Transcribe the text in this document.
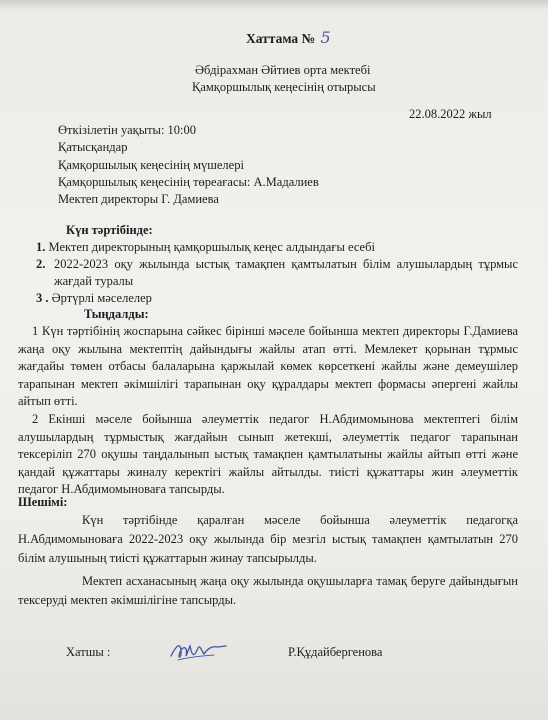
Хаттама № 5
Әбдірахман Әйтиев орта мектебі
Қамқоршылық кеңесінің отырысы
22.08.2022 жыл
Өткізілетін уақыты: 10:00
Қатысқандар
Қамқоршылық кеңесінің мүшелері
Қамқоршылық кеңесінің төреағасы: А.Мадалиев
Мектеп директоры Г. Дамиева
Күн тәртібінде:
1. Мектеп директорының қамқоршылық кеңес алдындағы есебі
2. 2022-2023 оқу жылында ыстық тамақпен қамтылатын білім алушылардың тұрмыс жағдай туралы
3 . Әртүрлі мәселелер
Тыңдалды:
1 Күн тәртібінің жоспарына сәйкес бірінші мәселе бойынша мектеп директоры Г.Дамиева жаңа оқу жылына мектептің дайындығы жайлы атап өтті. Мемлекет қорынан тұрмыс жағдайы төмен отбасы балаларына қаржылай көмек көрсеткені жайлы және демеушілер тарапынан мектеп әкімшілігі тарапынан оқу құралдары мектеп формасы әпергені жайлы айтып өтті.
2 Екінші мәселе бойынша әлеуметтік педагог Н.Абдимомынова мектептегі білім алушылардың тұрмыстық жағдайын сынып жетекші, әлеуметтік педагог тарапынан тексеріліп 270 оқушы таңдалынып ыстық тамақпен қамтылатыны жайлы айтып өтті және қандай құжаттары жиналу керектігі жайлы айтылды. тиісті құжаттары жин әлеуметтік педагог Н.Абдимомыноваға тапсырды.
Шешімі:
Күн тәртібінде қаралған мәселе бойынша әлеуметтік педагогқа Н.Абдимомыноваға 2022-2023 оқу жылында бір мезгіл ыстық тамақпен қамтылатын 270 білім алушының тиісті құжаттарын жинау тапсырылды.
Мектеп асханасының жаңа оқу жылында оқушыларға тамақ беруге дайындығын тексеруді мектеп әкімшілігіне тапсырды.
Хатшы :	Р.Құдайбергенова
